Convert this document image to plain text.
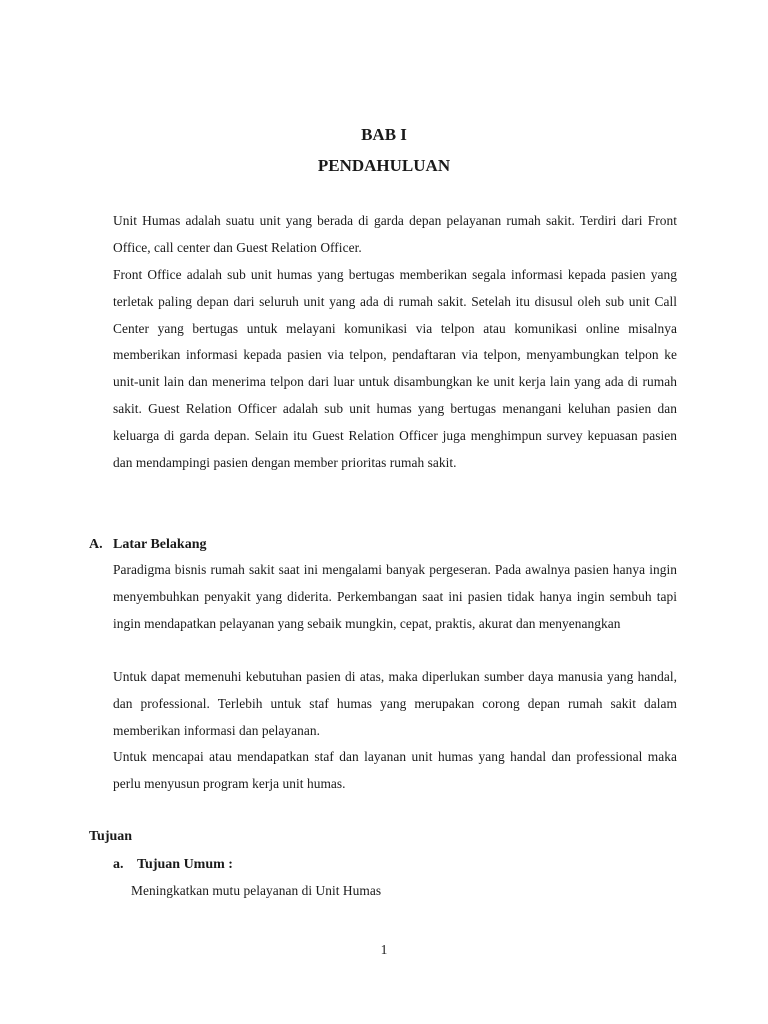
BAB I
PENDAHULUAN
Unit Humas adalah suatu unit yang berada di garda depan pelayanan rumah sakit. Terdiri dari Front Office, call center dan Guest Relation Officer.
Front Office adalah sub unit humas yang bertugas memberikan segala informasi kepada pasien yang terletak paling depan dari seluruh unit yang ada di rumah sakit. Setelah itu disusul oleh sub unit Call Center yang bertugas untuk melayani komunikasi via telpon atau komunikasi online misalnya memberikan informasi kepada pasien via telpon, pendaftaran via telpon, menyambungkan telpon ke unit-unit lain dan menerima telpon dari luar untuk disambungkan ke unit kerja lain yang ada di rumah sakit. Guest Relation Officer adalah sub unit humas yang bertugas menangani keluhan pasien dan keluarga di garda depan. Selain itu Guest Relation Officer juga menghimpun survey kepuasan pasien dan mendampingi pasien dengan member prioritas rumah sakit.
A. Latar Belakang
Paradigma bisnis rumah sakit saat ini mengalami banyak pergeseran. Pada awalnya pasien hanya ingin menyembuhkan penyakit yang diderita. Perkembangan saat ini pasien tidak hanya ingin sembuh tapi ingin mendapatkan pelayanan yang sebaik mungkin, cepat, praktis, akurat dan menyenangkan
Untuk dapat memenuhi kebutuhan pasien di atas, maka diperlukan sumber daya manusia yang handal, dan professional. Terlebih untuk staf humas yang merupakan corong depan rumah sakit dalam memberikan informasi dan pelayanan.
Untuk mencapai atau mendapatkan staf dan layanan unit humas yang handal dan professional maka perlu menyusun program kerja unit humas.
Tujuan
a. Tujuan Umum :
Meningkatkan mutu pelayanan di Unit Humas
1
